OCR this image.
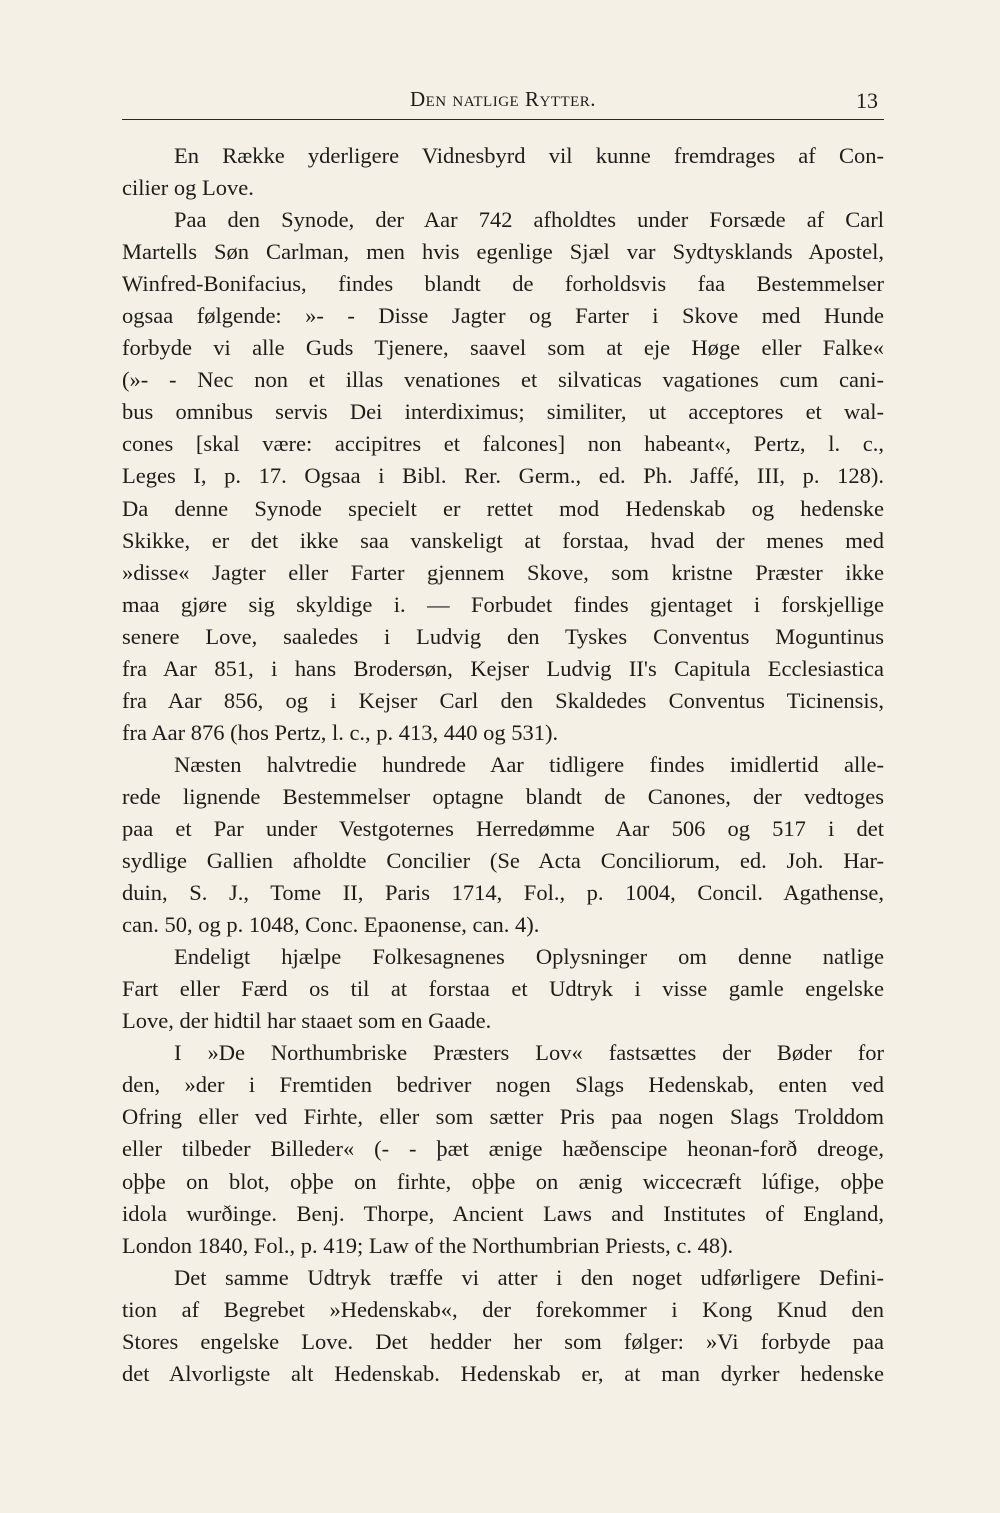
Den natlige Rytter.	13
En Række yderligere Vidnesbyrd vil kunne fremdrages af Con-
cilier og Love.
Paa den Synode, der Aar 742 afholdtes under Forsæde af Carl
Martells Søn Carlman, men hvis egenlige Sjæl var Sydtysklands Apostel,
Winfred-Bonifacius, findes blandt de forholdsvis faa Bestemmelser
ogsaa følgende: »- - Disse Jagter og Farter i Skove med Hunde
forbyde vi alle Guds Tjenere, saavel som at eje Høge eller Falke«
(»- - Nec non et illas venationes et silvaticas vagationes cum cani-
bus omnibus servis Dei interdiximus; similiter, ut acceptores et wal-
cones [skal være: accipitres et falcones] non habeant«, Pertz, l. c.,
Leges I, p. 17. Ogsaa i Bibl. Rer. Germ., ed. Ph. Jaffé, III, p. 128).
Da denne Synode specielt er rettet mod Hedenskab og hedenske
Skikke, er det ikke saa vanskeligt at forstaa, hvad der menes med
»disse« Jagter eller Farter gjennem Skove, som kristne Præster ikke
maa gjøre sig skyldige i. — Forbudet findes gjentaget i forskjellige
senere Love, saaledes i Ludvig den Tyskes Conventus Moguntinus
fra Aar 851, i hans Brodersøn, Kejser Ludvig II's Capitula Ecclesiastica
fra Aar 856, og i Kejser Carl den Skaldedes Conventus Ticinensis,
fra Aar 876 (hos Pertz, l. c., p. 413, 440 og 531).
Næsten halvtredie hundrede Aar tidligere findes imidlertid alle-
rede lignende Bestemmelser optagne blandt de Canones, der vedtoges
paa et Par under Vestgoternes Herredømme Aar 506 og 517 i det
sydlige Gallien afholdte Concilier (Se Acta Conciliorum, ed. Joh. Har-
duin, S. J., Tome II, Paris 1714, Fol., p. 1004, Concil. Agathense,
can. 50, og p. 1048, Conc. Epaonense, can. 4).
Endeligt hjælpe Folkesagnenes Oplysninger om denne natlige
Fart eller Færd os til at forstaa et Udtryk i visse gamle engelske
Love, der hidtil har staaet som en Gaade.
I »De Northumbriske Præsters Lov« fastsættes der Bøder for
den, »der i Fremtiden bedriver nogen Slags Hedenskab, enten ved
Ofring eller ved Firhte, eller som sætter Pris paa nogen Slags Trolddom
eller tilbeder Billeder« (- - þæt ænige hæðenscipe heonan-forð dreoge,
oþþe on blot, oþþe on firhte, oþþe on ænig wiccecræft lúfige, oþþe
idola wurðinge. Benj. Thorpe, Ancient Laws and Institutes of England,
London 1840, Fol., p. 419; Law of the Northumbrian Priests, c. 48).
Det samme Udtryk træffe vi atter i den noget udførligere Defini-
tion af Begrebet »Hedenskab«, der forekommer i Kong Knud den
Stores engelske Love. Det hedder her som følger: »Vi forbyde paa
det Alvorligste alt Hedenskab. Hedenskab er, at man dyrker hedenske
